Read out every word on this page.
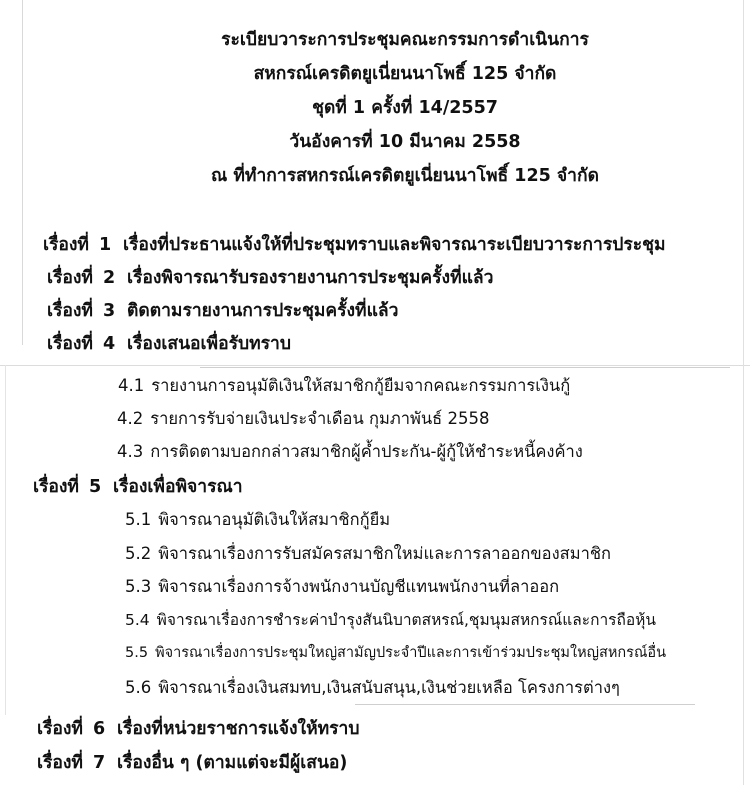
ระเบียบวาระการประชุมคณะกรรมการดำเนินการ
สหกรณ์เครดิตยูเนี่ยนนาโพธิ์ 125 จำกัด
ชุดที่ 1 ครั้งที่ 14/2557
วันอังคารที่ 10 มีนาคม 2558
ณ ที่ทำการสหกรณ์เครดิตยูเนี่ยนนาโพธิ์ 125 จำกัด
เรื่องที่ 1 เรื่องที่ประธานแจ้งให้ที่ประชุมทราบและพิจารณาระเบียบวาระการประชุม
เรื่องที่ 2 เรื่องพิจารณารับรองรายงานการประชุมครั้งที่แล้ว
เรื่องที่ 3 ติดตามรายงานการประชุมครั้งที่แล้ว
เรื่องที่ 4 เรื่องเสนอเพื่อรับทราบ
4.1 รายงานการอนุมัติเงินให้สมาชิกกู้ยืมจากคณะกรรมการเงินกู้
4.2 รายการรับจ่ายเงินประจำเดือน กุมภาพันธ์ 2558
4.3 การติดตามบอกกล่าวสมาชิกผู้ค้ำประกัน-ผู้กู้ให้ชำระหนี้คงค้าง
เรื่องที่ 5 เรื่องเพื่อพิจารณา
5.1 พิจารณาอนุมัติเงินให้สมาชิกกู้ยืม
5.2 พิจารณาเรื่องการรับสมัครสมาชิกใหม่และการลาออกของสมาชิก
5.3 พิจารณาเรื่องการจ้างพนักงานบัญชีแทนพนักงานที่ลาออก
5.4 พิจารณาเรื่องการชำระค่าบำรุงสันนิบาตสหรณ์,ชุมนุมสหกรณ์และการถือหุ้น
5.5 พิจารณาเรื่องการประชุมใหญ่สามัญประจำปีและการเข้าร่วมประชุมใหญ่สหกรณ์อื่น
5.6 พิจารณาเรื่องเงินสมทบ,เงินสนับสนุน,เงินช่วยเหลือ โครงการต่างๆ
เรื่องที่ 6 เรื่องที่หน่วยราชการแจ้งให้ทราบ
เรื่องที่ 7 เรื่องอื่น ๆ (ตามแต่จะมีผู้เสนอ)
